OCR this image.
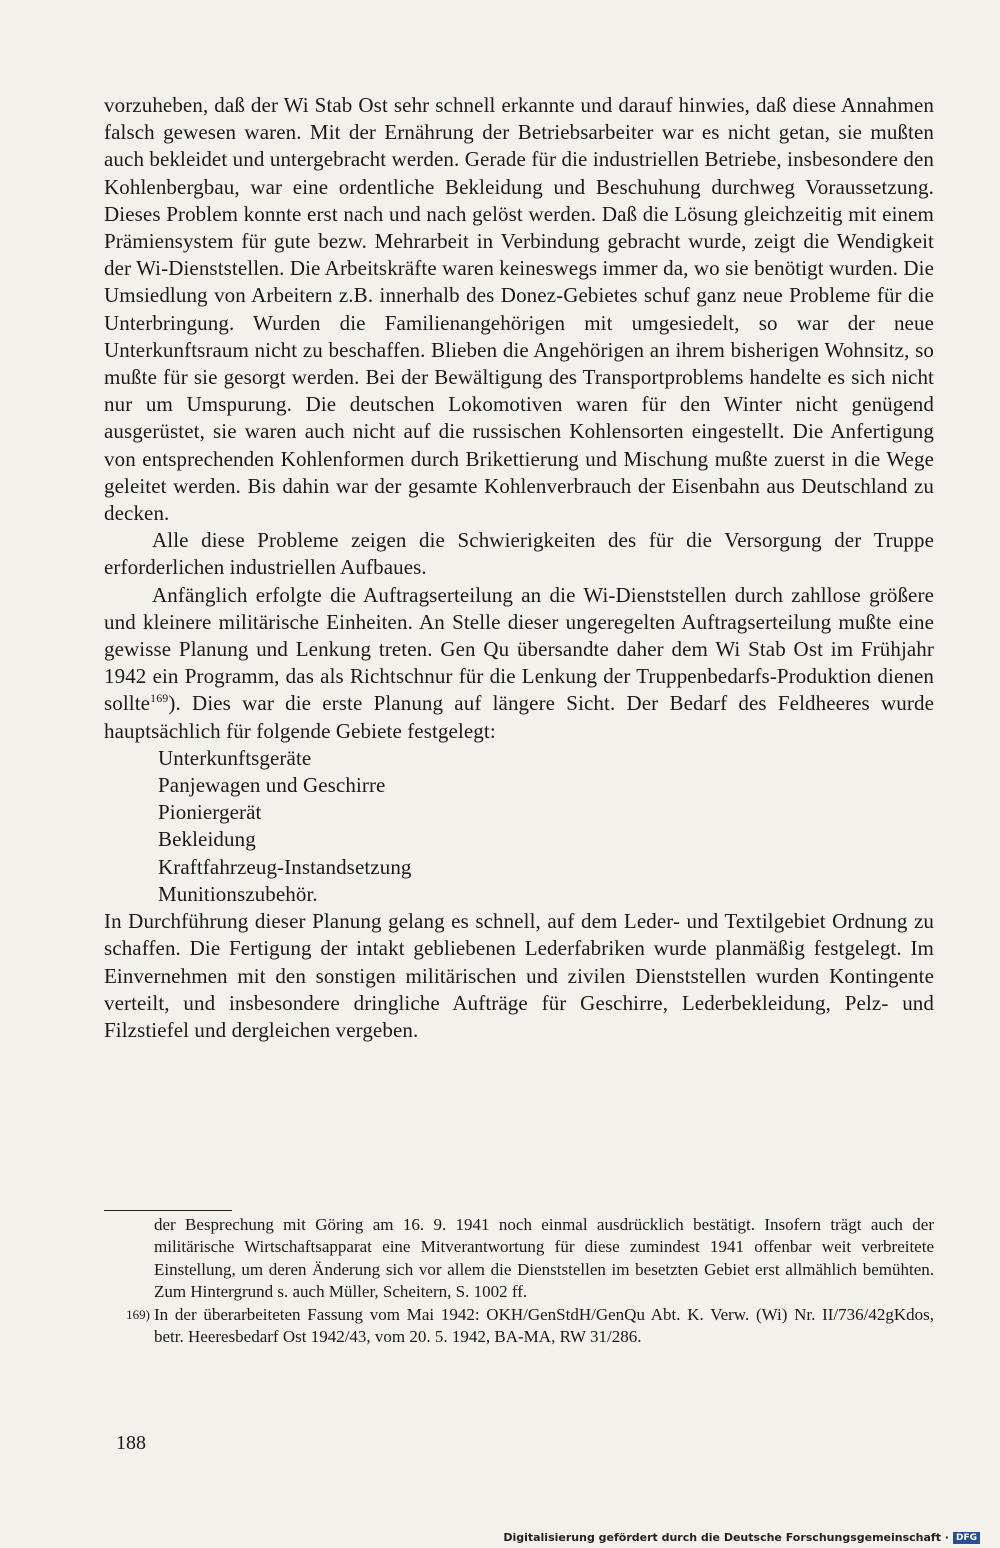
vorzuheben, daß der Wi Stab Ost sehr schnell erkannte und darauf hinwies, daß diese Annahmen falsch gewesen waren. Mit der Ernährung der Betriebsarbeiter war es nicht getan, sie mußten auch bekleidet und untergebracht werden. Gerade für die industriellen Betriebe, insbesondere den Kohlenbergbau, war eine ordentliche Bekleidung und Beschuhung durchweg Voraussetzung. Dieses Problem konnte erst nach und nach gelöst werden. Daß die Lösung gleichzeitig mit einem Prämiensystem für gute bezw. Mehrarbeit in Verbindung gebracht wurde, zeigt die Wendigkeit der Wi-Dienststellen. Die Arbeitskräfte waren keineswegs immer da, wo sie benötigt wurden. Die Umsiedlung von Arbeitern z.B. innerhalb des Donez-Gebietes schuf ganz neue Probleme für die Unterbringung. Wurden die Familienangehörigen mit umgesiedelt, so war der neue Unterkunftsraum nicht zu beschaffen. Blieben die Angehörigen an ihrem bisherigen Wohnsitz, so mußte für sie gesorgt werden. Bei der Bewältigung des Transportproblems handelte es sich nicht nur um Umspurung. Die deutschen Lokomotiven waren für den Winter nicht genügend ausgerüstet, sie waren auch nicht auf die russischen Kohlensorten eingestellt. Die Anfertigung von entsprechenden Kohlenformen durch Brikettierung und Mischung mußte zuerst in die Wege geleitet werden. Bis dahin war der gesamte Kohlenverbrauch der Eisenbahn aus Deutschland zu decken.

Alle diese Probleme zeigen die Schwierigkeiten des für die Versorgung der Truppe erforderlichen industriellen Aufbaues.

Anfänglich erfolgte die Auftragserteilung an die Wi-Dienststellen durch zahllose größere und kleinere militärische Einheiten. An Stelle dieser ungeregelten Auftragserteilung mußte eine gewisse Planung und Lenkung treten. Gen Qu übersandte daher dem Wi Stab Ost im Frühjahr 1942 ein Programm, das als Richtschnur für die Lenkung der Truppenbedarfs-Produktion dienen sollte$^{169}$). Dies war die erste Planung auf längere Sicht. Der Bedarf des Feldheeres wurde hauptsächlich für folgende Gebiete festgelegt:

Unterkunftsgeräte
Panjewagen und Geschirre
Pioniergerät
Bekleidung
Kraftfahrzeug-Instandsetzung
Munitionszubehör.

In Durchführung dieser Planung gelang es schnell, auf dem Leder- und Textilgebiet Ordnung zu schaffen. Die Fertigung der intakt gebliebenen Lederfabriken wurde planmäßig festgelegt. Im Einvernehmen mit den sonstigen militärischen und zivilen Dienststellen wurden Kontingente verteilt, und insbesondere dringliche Aufträge für Geschirre, Lederbekleidung, Pelz- und Filzstiefel und dergleichen vergeben.

der Besprechung mit Göring am 16. 9. 1941 noch einmal ausdrücklich bestätigt. Insofern trägt auch der militärische Wirtschaftsapparat eine Mitverantwortung für diese zumindest 1941 offenbar weit verbreitete Einstellung, um deren Änderung sich vor allem die Dienststellen im besetzten Gebiet erst allmählich bemühten. Zum Hintergrund s. auch Müller, Scheitern, S. 1002 ff.

169) In der überarbeiteten Fassung vom Mai 1942: OKH/GenStdH/GenQu Abt. K. Verw. (Wi) Nr. II/736/42gKdos, betr. Heeresbedarf Ost 1942/43, vom 20. 5. 1942, BA-MA, RW 31/286.

188
Digitalisierung gefördert durch die Deutsche Forschungsgemeinschaft · DFG
